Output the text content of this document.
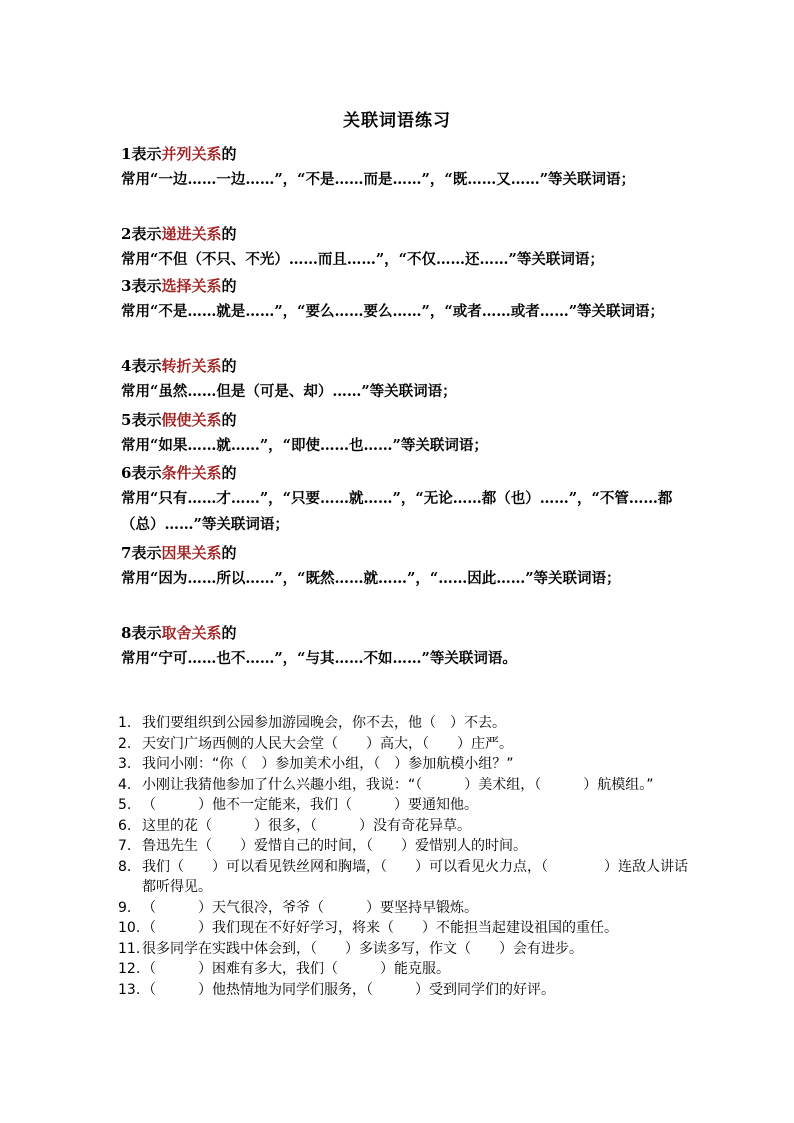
关联词语练习
1表示并列关系的
常用“一边……一边……”，“不是……而是……”，“既……又……”等关联词语；
2表示递进关系的
常用“不但（不只、不光）……而且……”，“不仅……还……”等关联词语；
3表示选择关系的
常用“不是……就是……”，“要么……要么……”，“或者……或者……”等关联词语；
4表示转折关系的
常用“虽然……但是（可是、却）……”等关联词语；
5表示假使关系的
常用“如果……就……”，“即使……也……”等关联词语；
6表示条件关系的
常用“只有……才……”，“只要……就……”，“无论……都（也）……”，“不管……都（总）……”等关联词语；
7表示因果关系的
常用“因为……所以……”，“既然……就……”，“……因此……”等关联词语；
8表示取舍关系的
常用“宁可……也不……”，“与其……不如……”等关联词语。
1. 我们要组织到公园参加游园晚会，你不去，他（　）不去。
2. 天安门广场西侧的人民大会堂（　　）高大，（　　）庄严。
3. 我问小刚：“你（　）参加美术小组，（　）参加航模小组？”
4. 小刚让我猜他参加了什么兴趣小组，我说：“（　　　）美术组，（　　　）航模组。”
5. （　　　）他不一定能来，我们（　　　）要通知他。
6. 这里的花（　　　）很多，（　　　）没有奇花异草。
7. 鲁迅先生（　　）爱惜自己的时间，（　　）爱惜别人的时间。
8. 我们（　　）可以看见铁丝网和胸墙，（　　）可以看见火力点，（　　　　）连敌人讲话都听得见。
9. （　　　）天气很冷，爷爷（　　　）要坚持早锻炼。
10. （　　　）我们现在不好好学习，将来（　　）不能担当起建设祖国的重任。
11. 很多同学在实践中体会到，（　　）多读多写，作文（　　）会有进步。
12. （　　　）困难有多大，我们（　　　）能克服。
13. （　　　）他热情地为同学们服务，（　　　）受到同学们的好评。
